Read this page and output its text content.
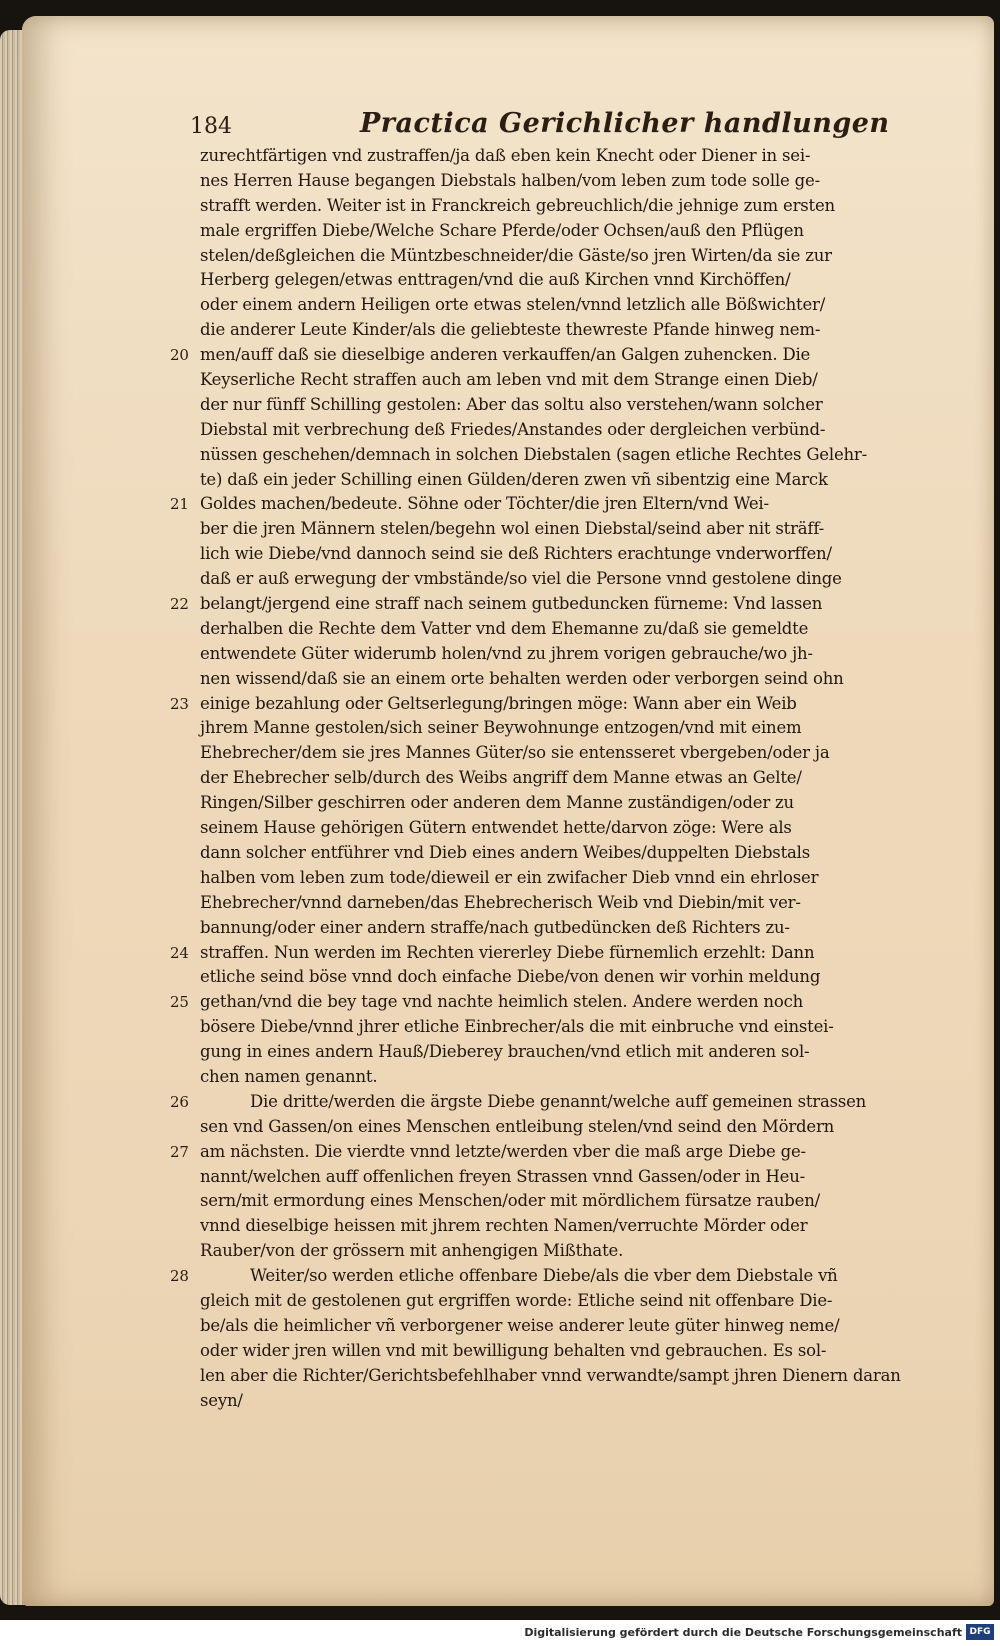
184	Practica Gerichlicher handlungen
zurechtfärtigen vnd zustraffen/ja daß eben kein Knecht oder Diener in sei-
nes Herren Hause begangen Diebstals halben/vom leben zum tode solle ge-
strafft werden. Weiter ist in Franckreich gebreuchlich/die jehnige zum ersten
male ergriffen Diebe/Welche Schare Pferde/oder Ochsen/auß den Pflügen
stelen/deßgleichen die Müntzbeschneider/die Gäste/so jren Wirten/da sie zur
Herberg gelegen/etwas enttragen/vnd die auß Kirchen vnnd Kirchöffen/
oder einem andern Heiligen orte etwas stelen/vnnd letzlich alle Bößwichter/
die anderer Leute Kinder/als die geliebteste thewreste Pfande hinweg nem-
20 men/auff daß sie dieselbige anderen verkauffen/an Galgen zuhencken. Die
Keyserliche Recht straffen auch am leben vnd mit dem Strange einen Dieb/
der nur fünff Schilling gestolen: Aber das soltu also verstehen/wann solcher
Diebstal mit verbrechung deß Friedes/Anstandes oder dergleichen verbünd-
nüssen geschehen/demnach in solchen Diebstalen (sagen etliche Rechtes Gelehr-
te) daß ein jeder Schilling einen Gülden/deren zwen vñ sibentzig eine Marck
21 Goldes machen/bedeute. Söhne oder Töchter/die jren Eltern/vnd Wei-
ber die jren Männern stelen/begehn wol einen Diebstal/seind aber nit sträff-
lich wie Diebe/vnd dannoch seind sie deß Richters erachtunge vnderworffen/
daß er auß erwegung der vmbstände/so viel die Persone vnnd gestolene dinge
22 belangt/jergend eine straff nach seinem gutbeduncken fürneme: Vnd lassen
derhalben die Rechte dem Vatter vnd dem Ehemanne zu/daß sie gemeldte
entwendete Güter widerumb holen/vnd zu jhrem vorigen gebrauche/wo jh-
nen wissend/daß sie an einem orte behalten werden oder verborgen seind ohn
23 einige bezahlung oder Geltserlegung/bringen möge: Wann aber ein Weib
jhrem Manne gestolen/sich seiner Beywohnunge entzogen/vnd mit einem
Ehebrecher/dem sie jres Mannes Güter/so sie entensseret vbergeben/oder ja
der Ehebrecher selb/durch des Weibs angriff dem Manne etwas an Gelte/
Ringen/Silber geschirren oder anderen dem Manne zuständigen/oder zu
seinem Hause gehörigen Gütern entwendet hette/darvon zöge: Were als
dann solcher entführer vnd Dieb eines andern Weibes/duppelten Diebstals
halben vom leben zum tode/dieweil er ein zwifacher Dieb vnnd ein ehrloser
Ehebrecher/vnnd darneben/das Ehebrecherisch Weib vnd Diebin/mit ver-
bannung/oder einer andern straffe/nach gutbedüncken deß Richters zu-
24 straffen. Nun werden im Rechten viererley Diebe fürnemlich erzehlt: Dann
etliche seind böse vnnd doch einfache Diebe/von denen wir vorhin meldung
25 gethan/vnd die bey tage vnd nachte heimlich stelen. Andere werden noch
bösere Diebe/vnnd jhrer etliche Einbrecher/als die mit einbruche vnd einstei-
gung in eines andern Hauß/Dieberey brauchen/vnd etlich mit anderen sol-
chen namen genannt.
26	Die dritte/werden die ärgste Diebe genannt/welche auff gemeinen strassen
sen vnd Gassen/on eines Menschen entleibung stelen/vnd seind den Mördern
27 am nächsten. Die vierdte vnnd letzte/werden vber die maß arge Diebe ge-
nannt/welchen auff offenlichen freyen Strassen vnnd Gassen/oder in Heu-
sern/mit ermordung eines Menschen/oder mit mördlichem fürsatze rauben/
vnnd dieselbige heissen mit jhrem rechten Namen/verruchte Mörder oder
Rauber/von der grössern mit anhengigen Mißthate.
28	Weiter/so werden etliche offenbare Diebe/als die vber dem Diebstale vñ
gleich mit de gestolenen gut ergriffen worde: Etliche seind nit offenbare Die-
be/als die heimlicher vñ verborgener weise anderer leute güter hinweg neme/
oder wider jren willen vnd mit bewilligung behalten vnd gebrauchen. Es sol-
len aber die Richter/Gerichtsbefehlhaber vnnd verwandte/sampt jhren Dienern daran
seyn/
Digitalisierung gefördert durch die Deutsche Forschungsgemeinschaft DFG
